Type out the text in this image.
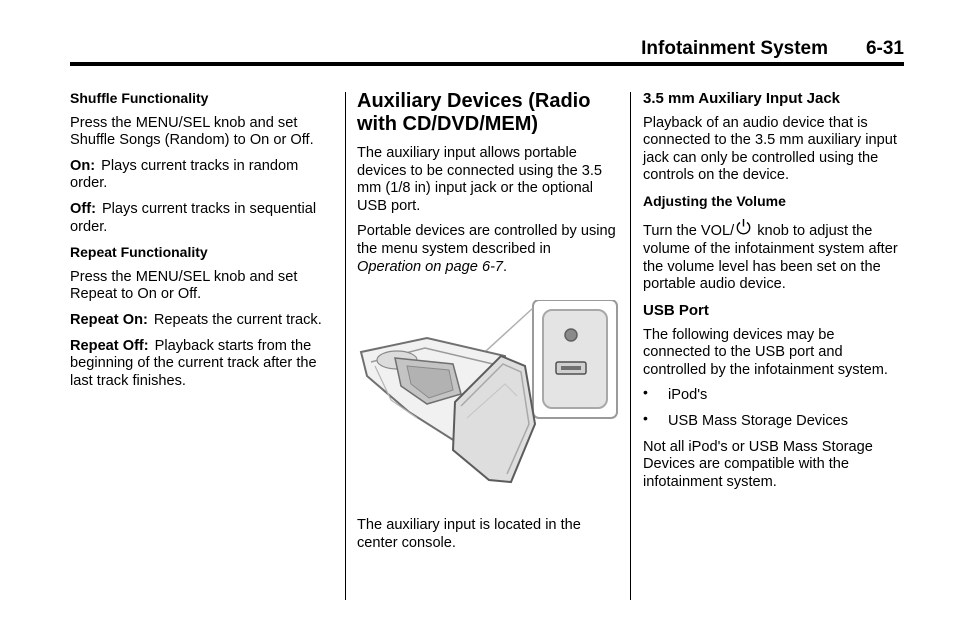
Infotainment System 6-31
Shuffle Functionality

Press the MENU/SEL knob and set Shuffle Songs (Random) to On or Off.

On: Plays current tracks in random order.

Off: Plays current tracks in sequential order.

Repeat Functionality

Press the MENU/SEL knob and set Repeat to On or Off.

Repeat On: Repeats the current track.

Repeat Off: Playback starts from the beginning of the current track after the last track finishes.

Auxiliary Devices (Radio with CD/DVD/MEM)

The auxiliary input allows portable devices to be connected using the 3.5 mm (1/8 in) input jack or the optional USB port.

Portable devices are controlled by using the menu system described in Operation on page 6-7.

The auxiliary input is located in the center console.

3.5 mm Auxiliary Input Jack

Playback of an audio device that is connected to the 3.5 mm auxiliary input jack can only be controlled using the controls on the device.

Adjusting the Volume

Turn the VOL/ knob to adjust the volume of the infotainment system after the volume level has been set on the portable audio device.

USB Port

The following devices may be connected to the USB port and controlled by the infotainment system.

• iPod's
• USB Mass Storage Devices

Not all iPod's or USB Mass Storage Devices are compatible with the infotainment system.
